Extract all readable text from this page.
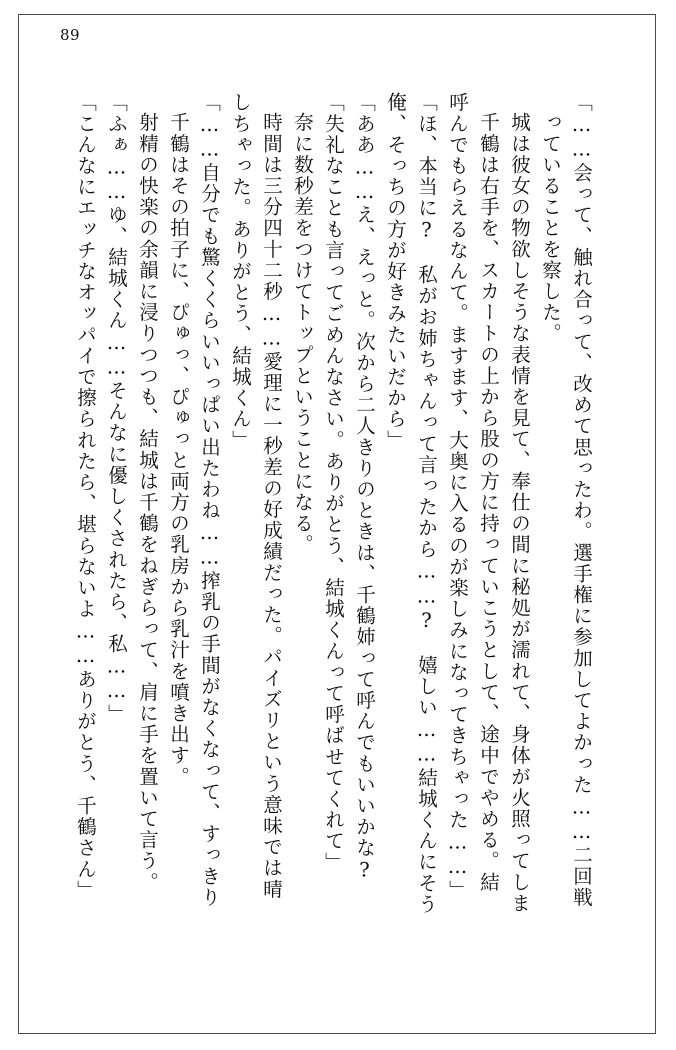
89
「こんなにエッチなオッパイで擦られたら、堪らないよ……ありがとう、千鶴さん」 「ふぁ……ゆ、結城くん……そんなに優しくされたら、私……」 射精の快楽の余韻に浸りつつも、結城は千鶴をねぎらって、肩に手を置いて言う。 千鶴はその拍子に、ぴゅっ、ぴゅっと両方の乳房から乳汁を噴き出す。 「……自分でも驚くくらいいっぱい出たわね……搾乳の手間がなくなって、すっきり しちゃった。ありがとう、結城くん」 時間は三分四十二秒……愛理に一秒差の好成績だった。パイズリという意味では晴 奈に数秒差をつけてトップということになる。 「失礼なことも言ってごめんなさい。ありがとう、結城くんって呼ばせてくれて」 「ああ……え、えっと。次から二人きりのときは、千鶴姉って呼んでもいいかな? 俺、そっちの方が好きみたいだから」 「ほ、本当に?　私がお姉ちゃんって言ったから……?　嬉しい……結城くんにそう 呼んでもらえるなんて。ますます、大奥に入るのが楽しみになってきちゃった……」 千鶴は右手を、スカートの上から股の方に持っていこうとして、途中でやめる。結 城は彼女の物欲しそうな表情を見て、奉仕の間に秘処が濡れて、身体が火照ってしま っていることを察した。 「……会って、触れ合って、改めて思ったわ。選手権に参加してよかった……二回戦
